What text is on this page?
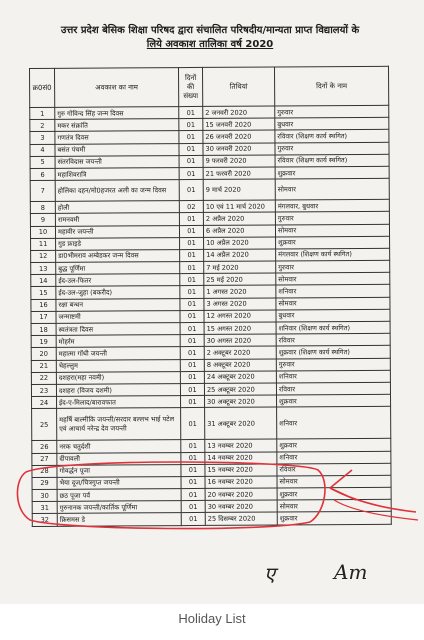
उत्तर प्रदेश बेसिक शिक्षा परिषद द्वारा संचालित परिषदीय/मान्यता प्राप्त विद्यालयों के
लिये अवकाश तालिका वर्ष 2020
क्र0सं0	अवकाश का नाम	दिनों की संख्या	तिथियां	दिनों के नाम
1	गुरु गोविन्द सिंह जन्म दिवस	01	2 जनवरी 2020	गुरुवार
2	मकर संक्रांति	01	15 जनवरी 2020	बुधवार
3	गणतंत्र दिवस	01	26 जनवरी 2020	रविवार (शिक्षण कार्य स्थगित)
4	बसंत पंचमी	01	30 जनवरी 2020	गुरुवार
5	संतरविदास जयन्ती	01	9 फरवरी 2020	रविवार (शिक्षण कार्य स्थगित)
6	महाशिवरात्रि	01	21 फरवरी 2020	शुक्रवार
7	होलिका दहन/मो0हजरत अली का जन्म दिवस	01	9 मार्च 2020	सोमवार
8	होली	02	10 एवं 11 मार्च 2020	मंगलवार, बुधवार
9	रामनवमी	01	2 अप्रैल 2020	गुरुवार
10	महावीर जयन्ती	01	6 अप्रैल 2020	सोमवार
11	गुड फ्राइडे	01	10 अप्रैल 2020	शुक्रवार
12	डा0भीमराव अम्बेडकर जन्म दिवस	01	14 अप्रैल 2020	मंगलवार (शिक्षण कार्य स्थगित)
13	बुद्ध पूर्णिमा	01	7 मई 2020	गुरुवार
14	ईद-उल-फितर	01	25 मई 2020	सोमवार
15	ईद-उल-जुहा (बकरीद)	01	1 अगस्त 2020	शनिवार
16	रक्षा बन्धन	01	3 अगस्त 2020	सोमवार
17	जन्माष्टमी	01	12 अगस्त 2020	बुधवार
18	स्वतंत्रता दिवस	01	15 अगस्त 2020	शनिवार (शिक्षण कार्य स्थगित)
19	मोहर्रम	01	30 अगस्त 2020	रविवार
20	महात्मा गॉधी जयन्ती	01	2 अक्टूबर 2020	शुक्रवार (शिक्षण कार्य स्थगित)
21	चेहल्लुम	01	8 अक्टूबर 2020	गुरुवार
22	दशहरा(महा नवमी)	01	24 अक्टूबर 2020	शनिवार
23	दशहरा (विजय दशमी)	01	25 अक्टूबर 2020	रविवार
24	ईद-ए-मिलाद/बारावफात	01	30 अक्टूबर 2020	शुक्रवार
25	महर्षि बाल्मीकि जयन्ती/सरदार बल्लभ भाई पटेल एवं आचार्य नरेन्द्र देव जयन्ती	01	31 अक्टूबर 2020	शनिवार
26	नरक चतुर्दशी	01	13 नवम्बर 2020	शुक्रवार
27	दीपावली	01	14 नवम्बर 2020	शनिवार
28	गोवर्द्धन पूजा	01	15 नवम्बर 2020	रविवार
29	भैया दूज/चित्रगुप्त जयन्ती	01	16 नवम्बर 2020	सोमवार
30	छठ पूजा पर्व	01	20 नवम्बर 2020	शुक्रवार
31	गुरुनानक जयन्ती/कार्तिक पूर्णिमा	01	30 नवम्बर 2020	सोमवार
32	क्रिसमस डे	01	25 दिसम्बर 2020	शुक्रवार
ए	Am
Holiday List
